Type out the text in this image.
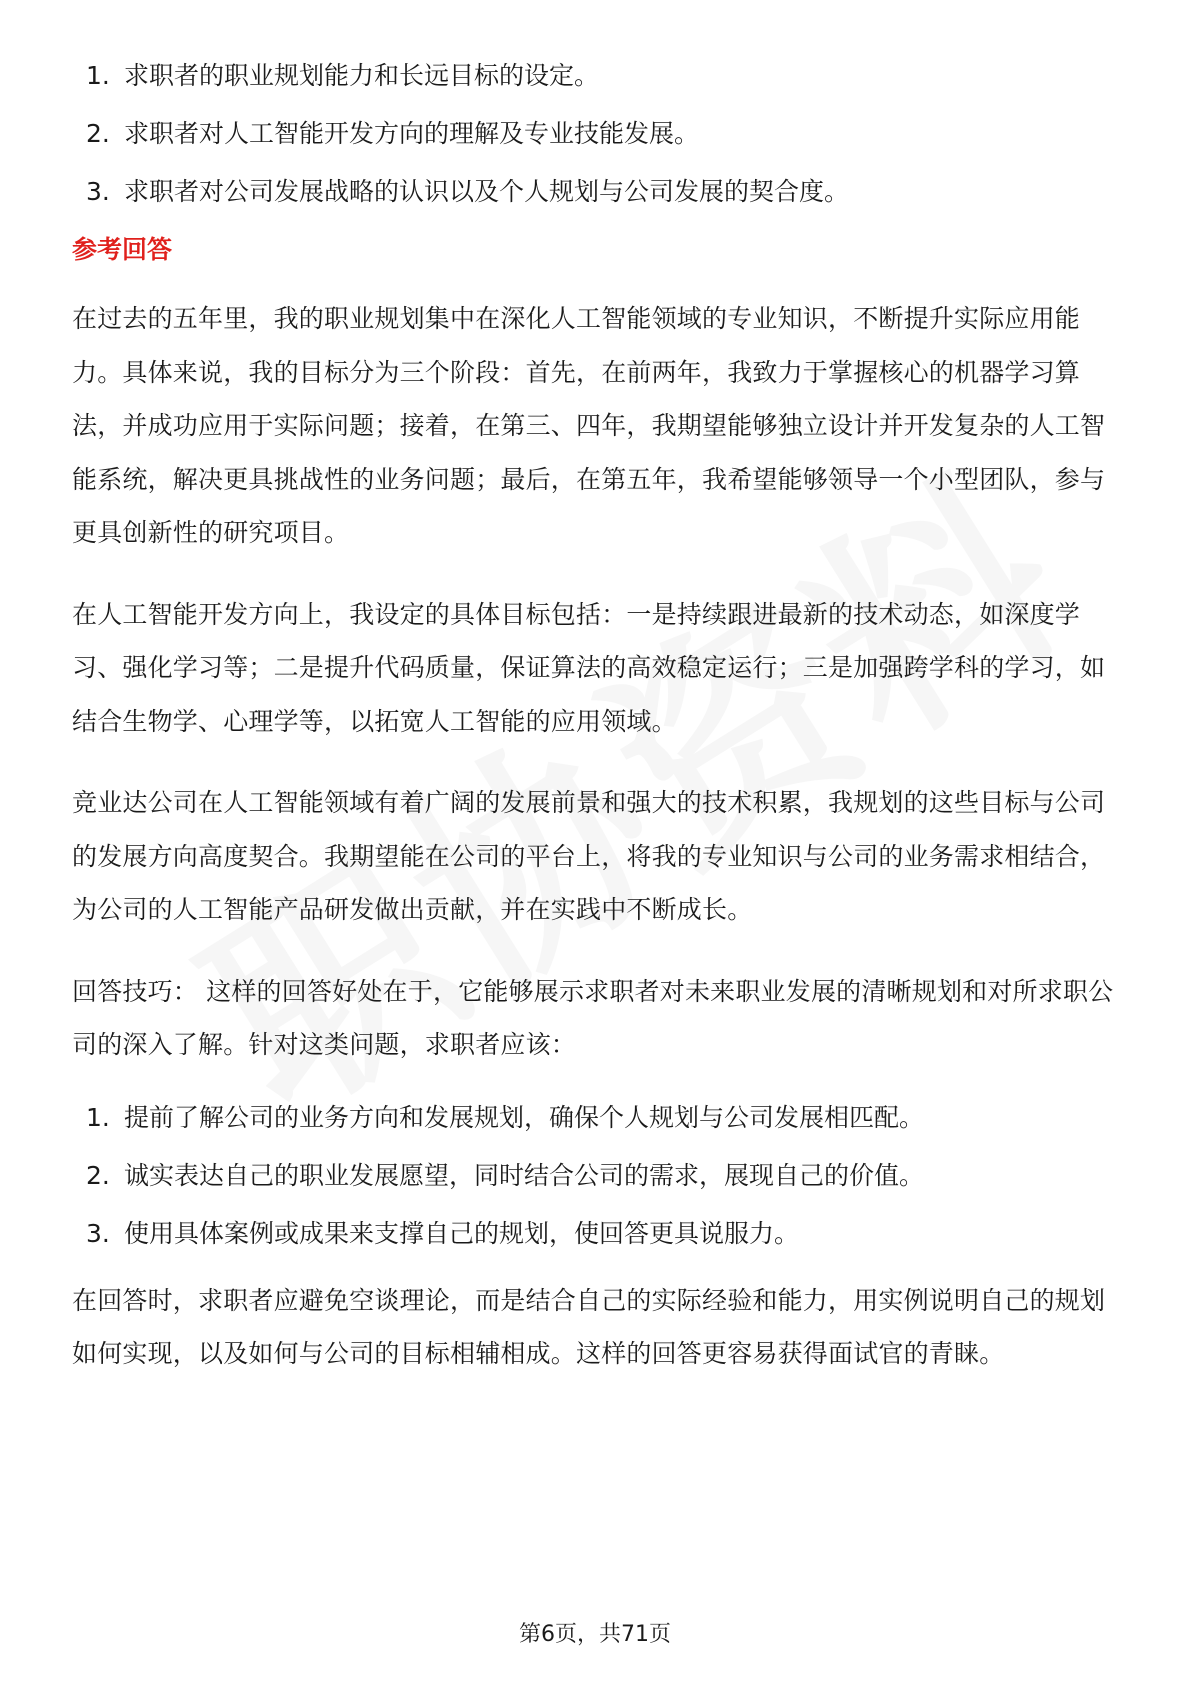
1. 求职者的职业规划能力和长远目标的设定。
2. 求职者对人工智能开发方向的理解及专业技能发展。
3. 求职者对公司发展战略的认识以及个人规划与公司发展的契合度。
参考回答

在过去的五年里，我的职业规划集中在深化人工智能领域的专业知识，不断提升实际应用能力。具体来说，我的目标分为三个阶段：首先，在前两年，我致力于掌握核心的机器学习算法，并成功应用于实际问题；接着，在第三、四年，我期望能够独立设计并开发复杂的人工智能系统，解决更具挑战性的业务问题；最后，在第五年，我希望能够领导一个小型团队，参与更具创新性的研究项目。

在人工智能开发方向上，我设定的具体目标包括：一是持续跟进最新的技术动态，如深度学习、强化学习等；二是提升代码质量，保证算法的高效稳定运行；三是加强跨学科的学习，如结合生物学、心理学等，以拓宽人工智能的应用领域。

竞业达公司在人工智能领域有着广阔的发展前景和强大的技术积累，我规划的这些目标与公司的发展方向高度契合。我期望能在公司的平台上，将我的专业知识与公司的业务需求相结合，为公司的人工智能产品研发做出贡献，并在实践中不断成长。

回答技巧： 这样的回答好处在于，它能够展示求职者对未来职业发展的清晰规划和对所求职公司的深入了解。针对这类问题，求职者应该：

1. 提前了解公司的业务方向和发展规划，确保个人规划与公司发展相匹配。
2. 诚实表达自己的职业发展愿望，同时结合公司的需求，展现自己的价值。
3. 使用具体案例或成果来支撑自己的规划，使回答更具说服力。

在回答时，求职者应避免空谈理论，而是结合自己的实际经验和能力，用实例说明自己的规划如何实现，以及如何与公司的目标相辅相成。这样的回答更容易获得面试官的青睐。

第6页，共71页
